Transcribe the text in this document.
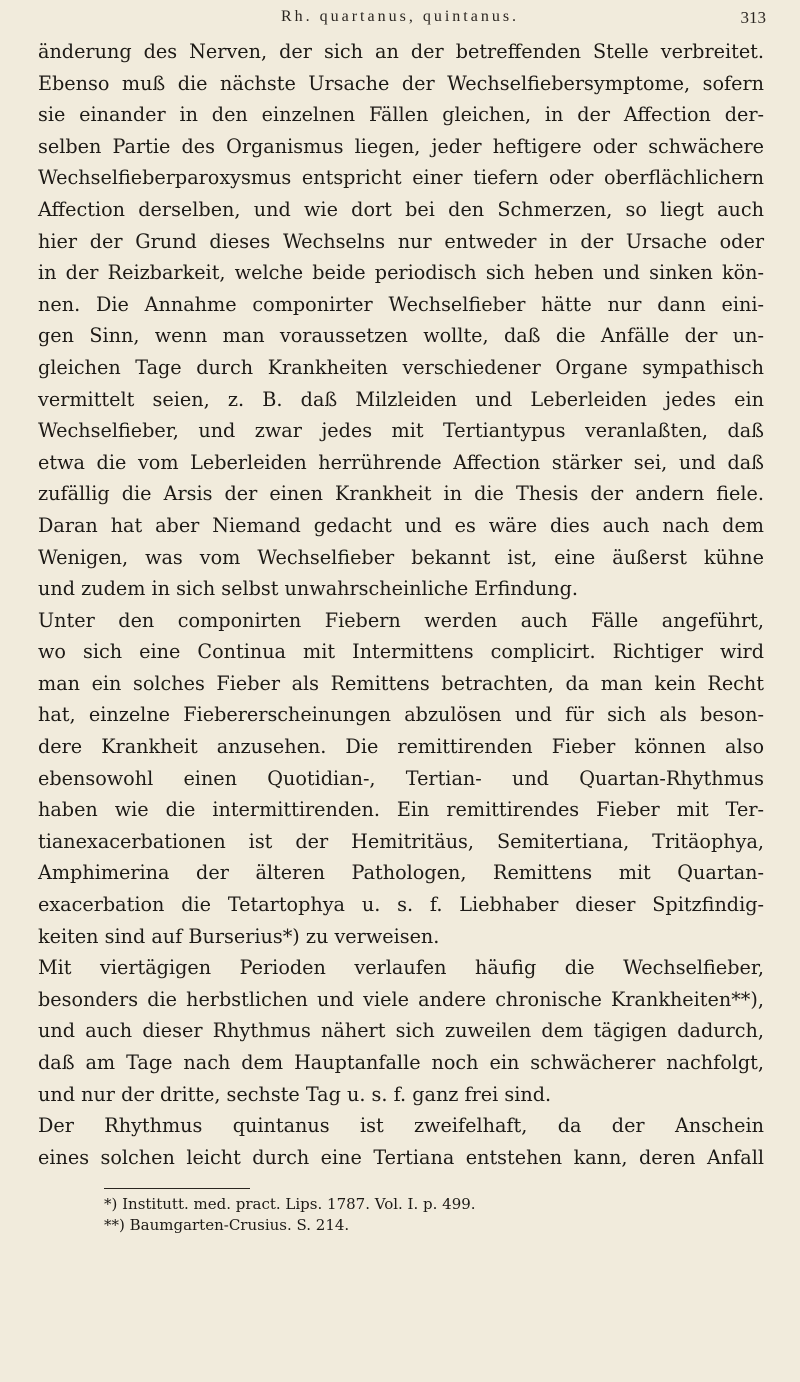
Rh. quartanus, quintanus.	313
änderung des Nerven, der sich an der betreffenden Stelle verbreitet.
Ebenso muß die nächste Ursache der Wechselfiebersymptome, sofern
sie einander in den einzelnen Fällen gleichen, in der Affection der-
selben Partie des Organismus liegen, jeder heftigere oder schwächere
Wechselfieberparoxysmus entspricht einer tiefern oder oberflächlichern
Affection derselben, und wie dort bei den Schmerzen, so liegt auch
hier der Grund dieses Wechselns nur entweder in der Ursache oder
in der Reizbarkeit, welche beide periodisch sich heben und sinken kön-
nen. Die Annahme componirter Wechselfieber hätte nur dann eini-
gen Sinn, wenn man voraussetzen wollte, daß die Anfälle der un-
gleichen Tage durch Krankheiten verschiedener Organe sympathisch
vermittelt seien, z. B. daß Milzleiden und Leberleiden jedes ein
Wechselfieber, und zwar jedes mit Tertiantypus veranlaßten, daß
etwa die vom Leberleiden herrührende Affection stärker sei, und daß
zufällig die Arsis der einen Krankheit in die Thesis der andern fiele.
Daran hat aber Niemand gedacht und es wäre dies auch nach dem
Wenigen, was vom Wechselfieber bekannt ist, eine äußerst kühne
und zudem in sich selbst unwahrscheinliche Erfindung.
Unter den componirten Fiebern werden auch Fälle angeführt,
wo sich eine Continua mit Intermittens complicirt. Richtiger wird
man ein solches Fieber als Remittens betrachten, da man kein Recht
hat, einzelne Fiebererscheinungen abzulösen und für sich als beson-
dere Krankheit anzusehen. Die remittirenden Fieber können also
ebensowohl einen Quotidian-, Tertian- und Quartan-Rhythmus
haben wie die intermittirenden. Ein remittirendes Fieber mit Ter-
tianexacerbationen ist der Hemitritäus, Semitertiana, Tritäophya,
Amphimerina der älteren Pathologen, Remittens mit Quartan-
exacerbation die Tetartophya u. s. f. Liebhaber dieser Spitzfindig-
keiten sind auf Burserius*) zu verweisen.
Mit viertägigen Perioden verlaufen häufig die Wechselfieber,
besonders die herbstlichen und viele andere chronische Krankheiten**),
und auch dieser Rhythmus nähert sich zuweilen dem tägigen dadurch,
daß am Tage nach dem Hauptanfalle noch ein schwächerer nachfolgt,
und nur der dritte, sechste Tag u. s. f. ganz frei sind.
Der Rhythmus quintanus ist zweifelhaft, da der Anschein
eines solchen leicht durch eine Tertiana entstehen kann, deren Anfall
*) Institutt. med. pract. Lips. 1787. Vol. I. p. 499.
**) Baumgarten-Crusius. S. 214.
